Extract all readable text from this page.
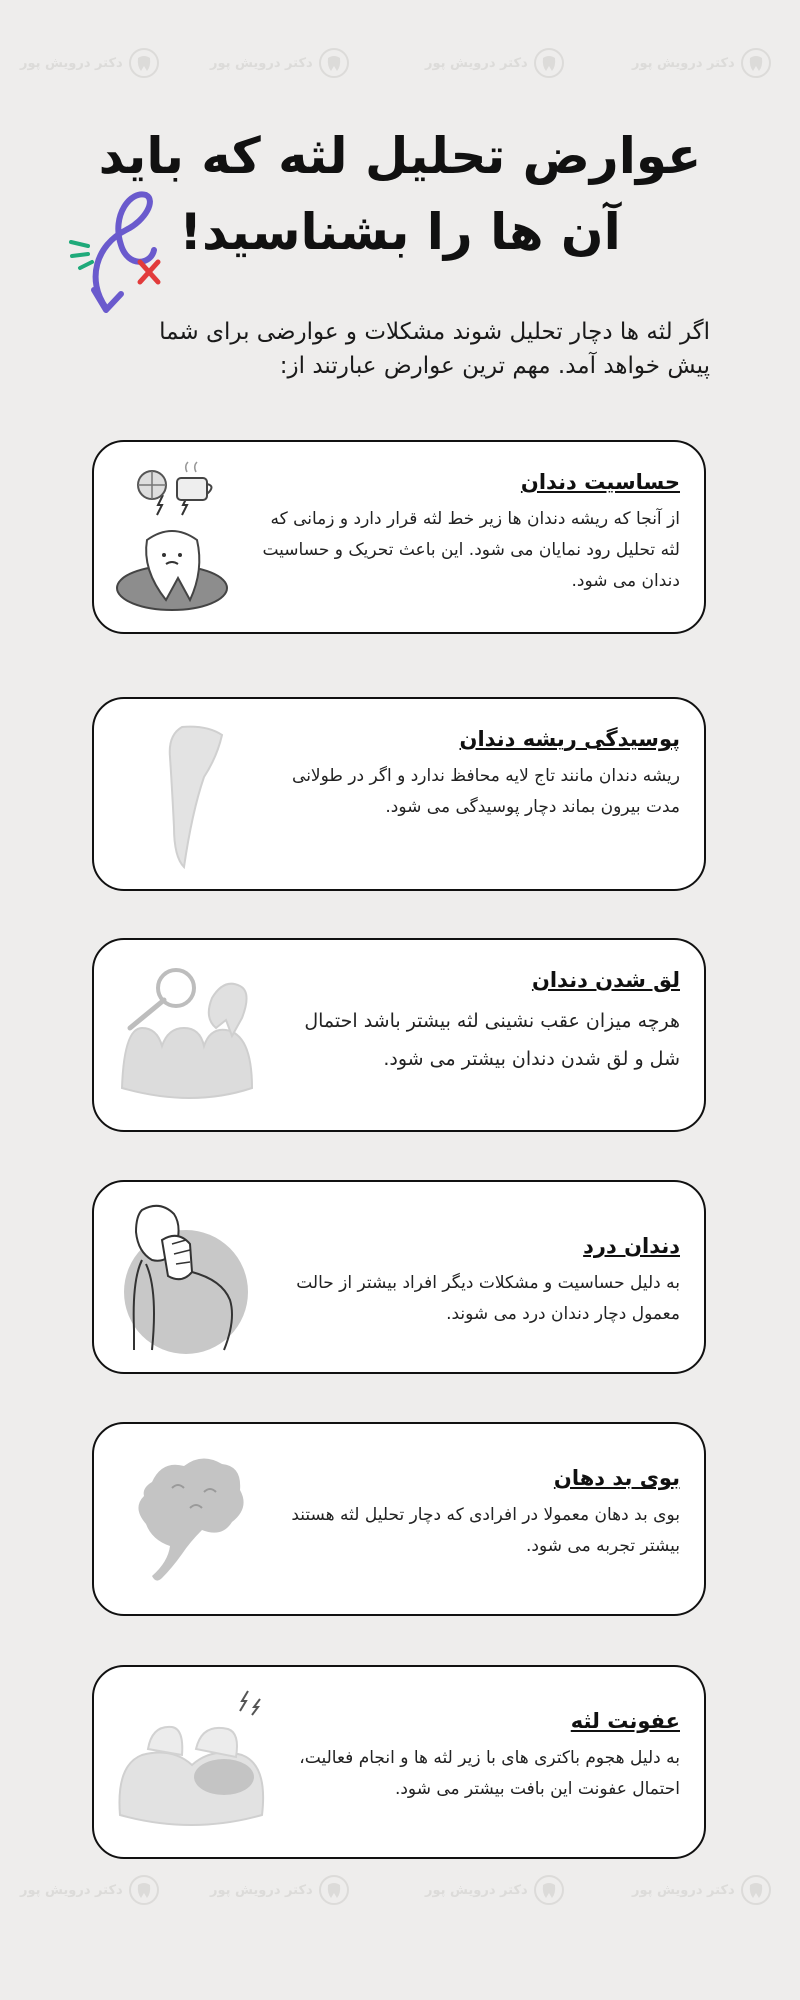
دکتر درویش پور	دکتر درویش پور	دکتر درویش پور	دکتر درویش پور
دکتر درویش پور	دکتر درویش پور	دکتر درویش پور	دکتر درویش پور
عوارض تحلیل لثه که باید
آن ها را بشناسید!
اگر لثه ها دچار تحلیل شوند مشکلات و عوارضی برای شما پیش خواهد آمد. مهم ترین عوارض عبارتند از:
حساسیت دندان
از آنجا که ریشه دندان ها زیر خط لثه قرار دارد و زمانی که لثه تحلیل رود نمایان می شود. این باعث تحریک و حساسیت دندان می شود.
پوسیدگی ریشه دندان
ریشه دندان مانند تاج لایه محافظ ندارد و اگر در طولانی مدت بیرون بماند دچار پوسیدگی می شود.
لق شدن دندان
هرچه میزان عقب نشینی لثه بیشتر باشد احتمال شل و لق شدن دندان بیشتر می شود.
دندان درد
به دلیل حساسیت و مشکلات دیگر افراد بیشتر از حالت معمول دچار دندان درد می شوند.
بوی بد دهان
بوی بد دهان معمولا در افرادی که دچار تحلیل لثه هستند بیشتر تجربه می شود.
عفونت لثه
به دلیل هجوم باکتری های با زیر لثه ها و انجام فعالیت، احتمال عفونت این بافت بیشتر می شود.
